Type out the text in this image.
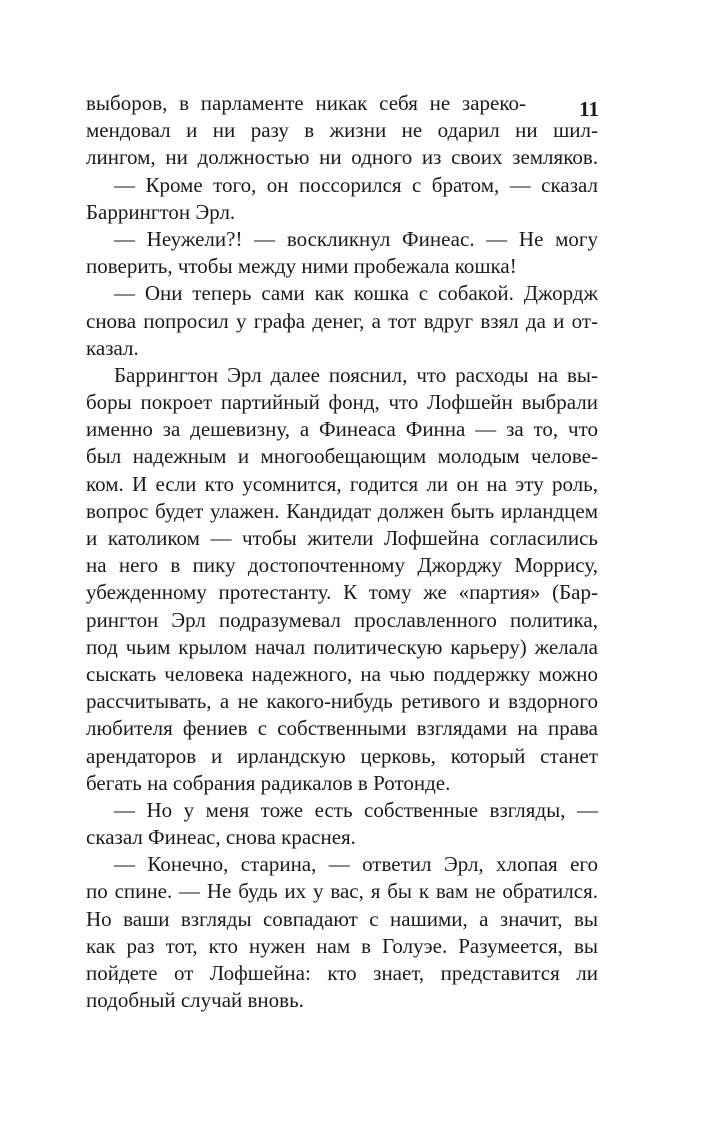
11
выборов, в парламенте никак себя не зареко-
мендовал и ни разу в жизни не одарил ни шил-
лингом, ни должностью ни одного из своих земляков.
— Кроме того, он поссорился с братом, — сказал
Баррингтон Эрл.
— Неужели?! — воскликнул Финеас. — Не могу
поверить, чтобы между ними пробежала кошка!
— Они теперь сами как кошка с собакой. Джордж
снова попросил у графа денег, а тот вдруг взял да и от-
казал.
Баррингтон Эрл далее пояснил, что расходы на вы-
боры покроет партийный фонд, что Лофшейн выбрали
именно за дешевизну, а Финеаса Финна — за то, что
был надежным и многообещающим молодым челове-
ком. И если кто усомнится, годится ли он на эту роль,
вопрос будет улажен. Кандидат должен быть ирландцем
и католиком — чтобы жители Лофшейна согласились
на него в пику достопочтенному Джорджу Моррису,
убежденному протестанту. К тому же «партия» (Бар-
рингтон Эрл подразумевал прославленного политика,
под чьим крылом начал политическую карьеру) желала
сыскать человека надежного, на чью поддержку можно
рассчитывать, а не какого-нибудь ретивого и вздорного
любителя фениев с собственными взглядами на права
арендаторов и ирландскую церковь, который станет
бегать на собрания радикалов в Ротонде.
— Но у меня тоже есть собственные взгляды, —
сказал Финеас, снова краснея.
— Конечно, старина, — ответил Эрл, хлопая его
по спине. — Не будь их у вас, я бы к вам не обратился.
Но ваши взгляды совпадают с нашими, а значит, вы
как раз тот, кто нужен нам в Голуэе. Разумеется, вы
пойдете от Лофшейна: кто знает, представится ли
подобный случай вновь.
